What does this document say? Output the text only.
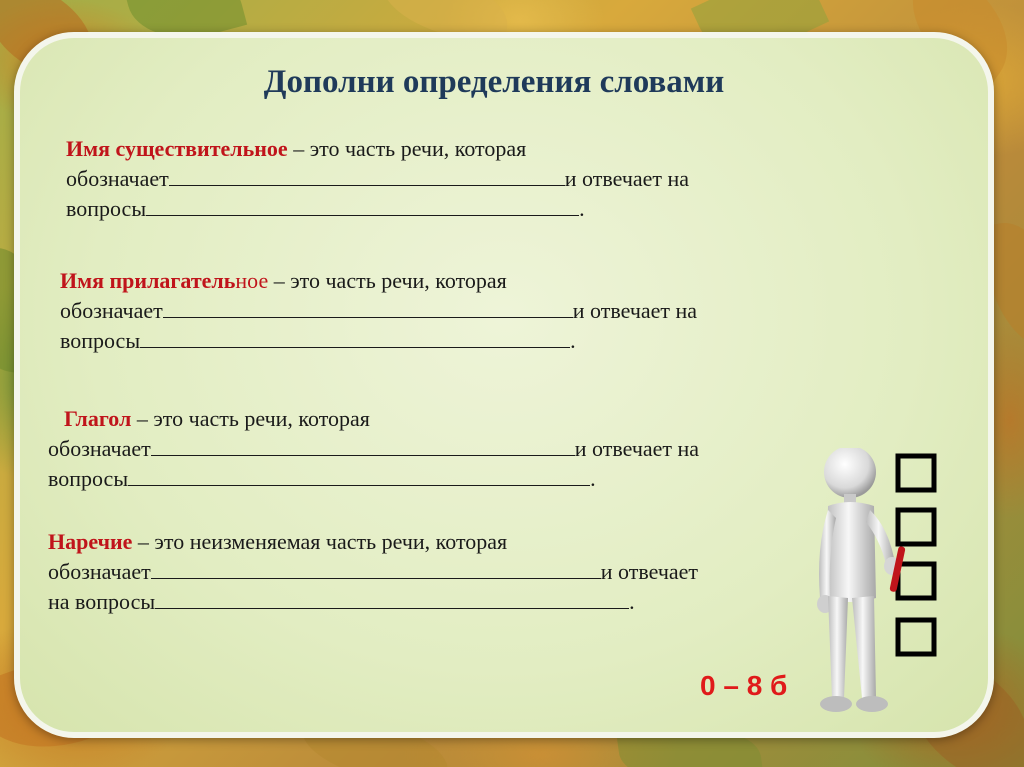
Дополни определения словами
Имя существительное – это часть речи, которая
обозначает	и отвечает на
вопросы	.
Имя прилагательное – это часть речи, которая
обозначает	и отвечает на
вопросы	.
Глагол – это часть речи, которая
обозначает	и отвечает на
вопросы	.
Наречие – это неизменяемая часть речи, которая
обозначает	и отвечает
на вопросы	.
0 – 8 б
